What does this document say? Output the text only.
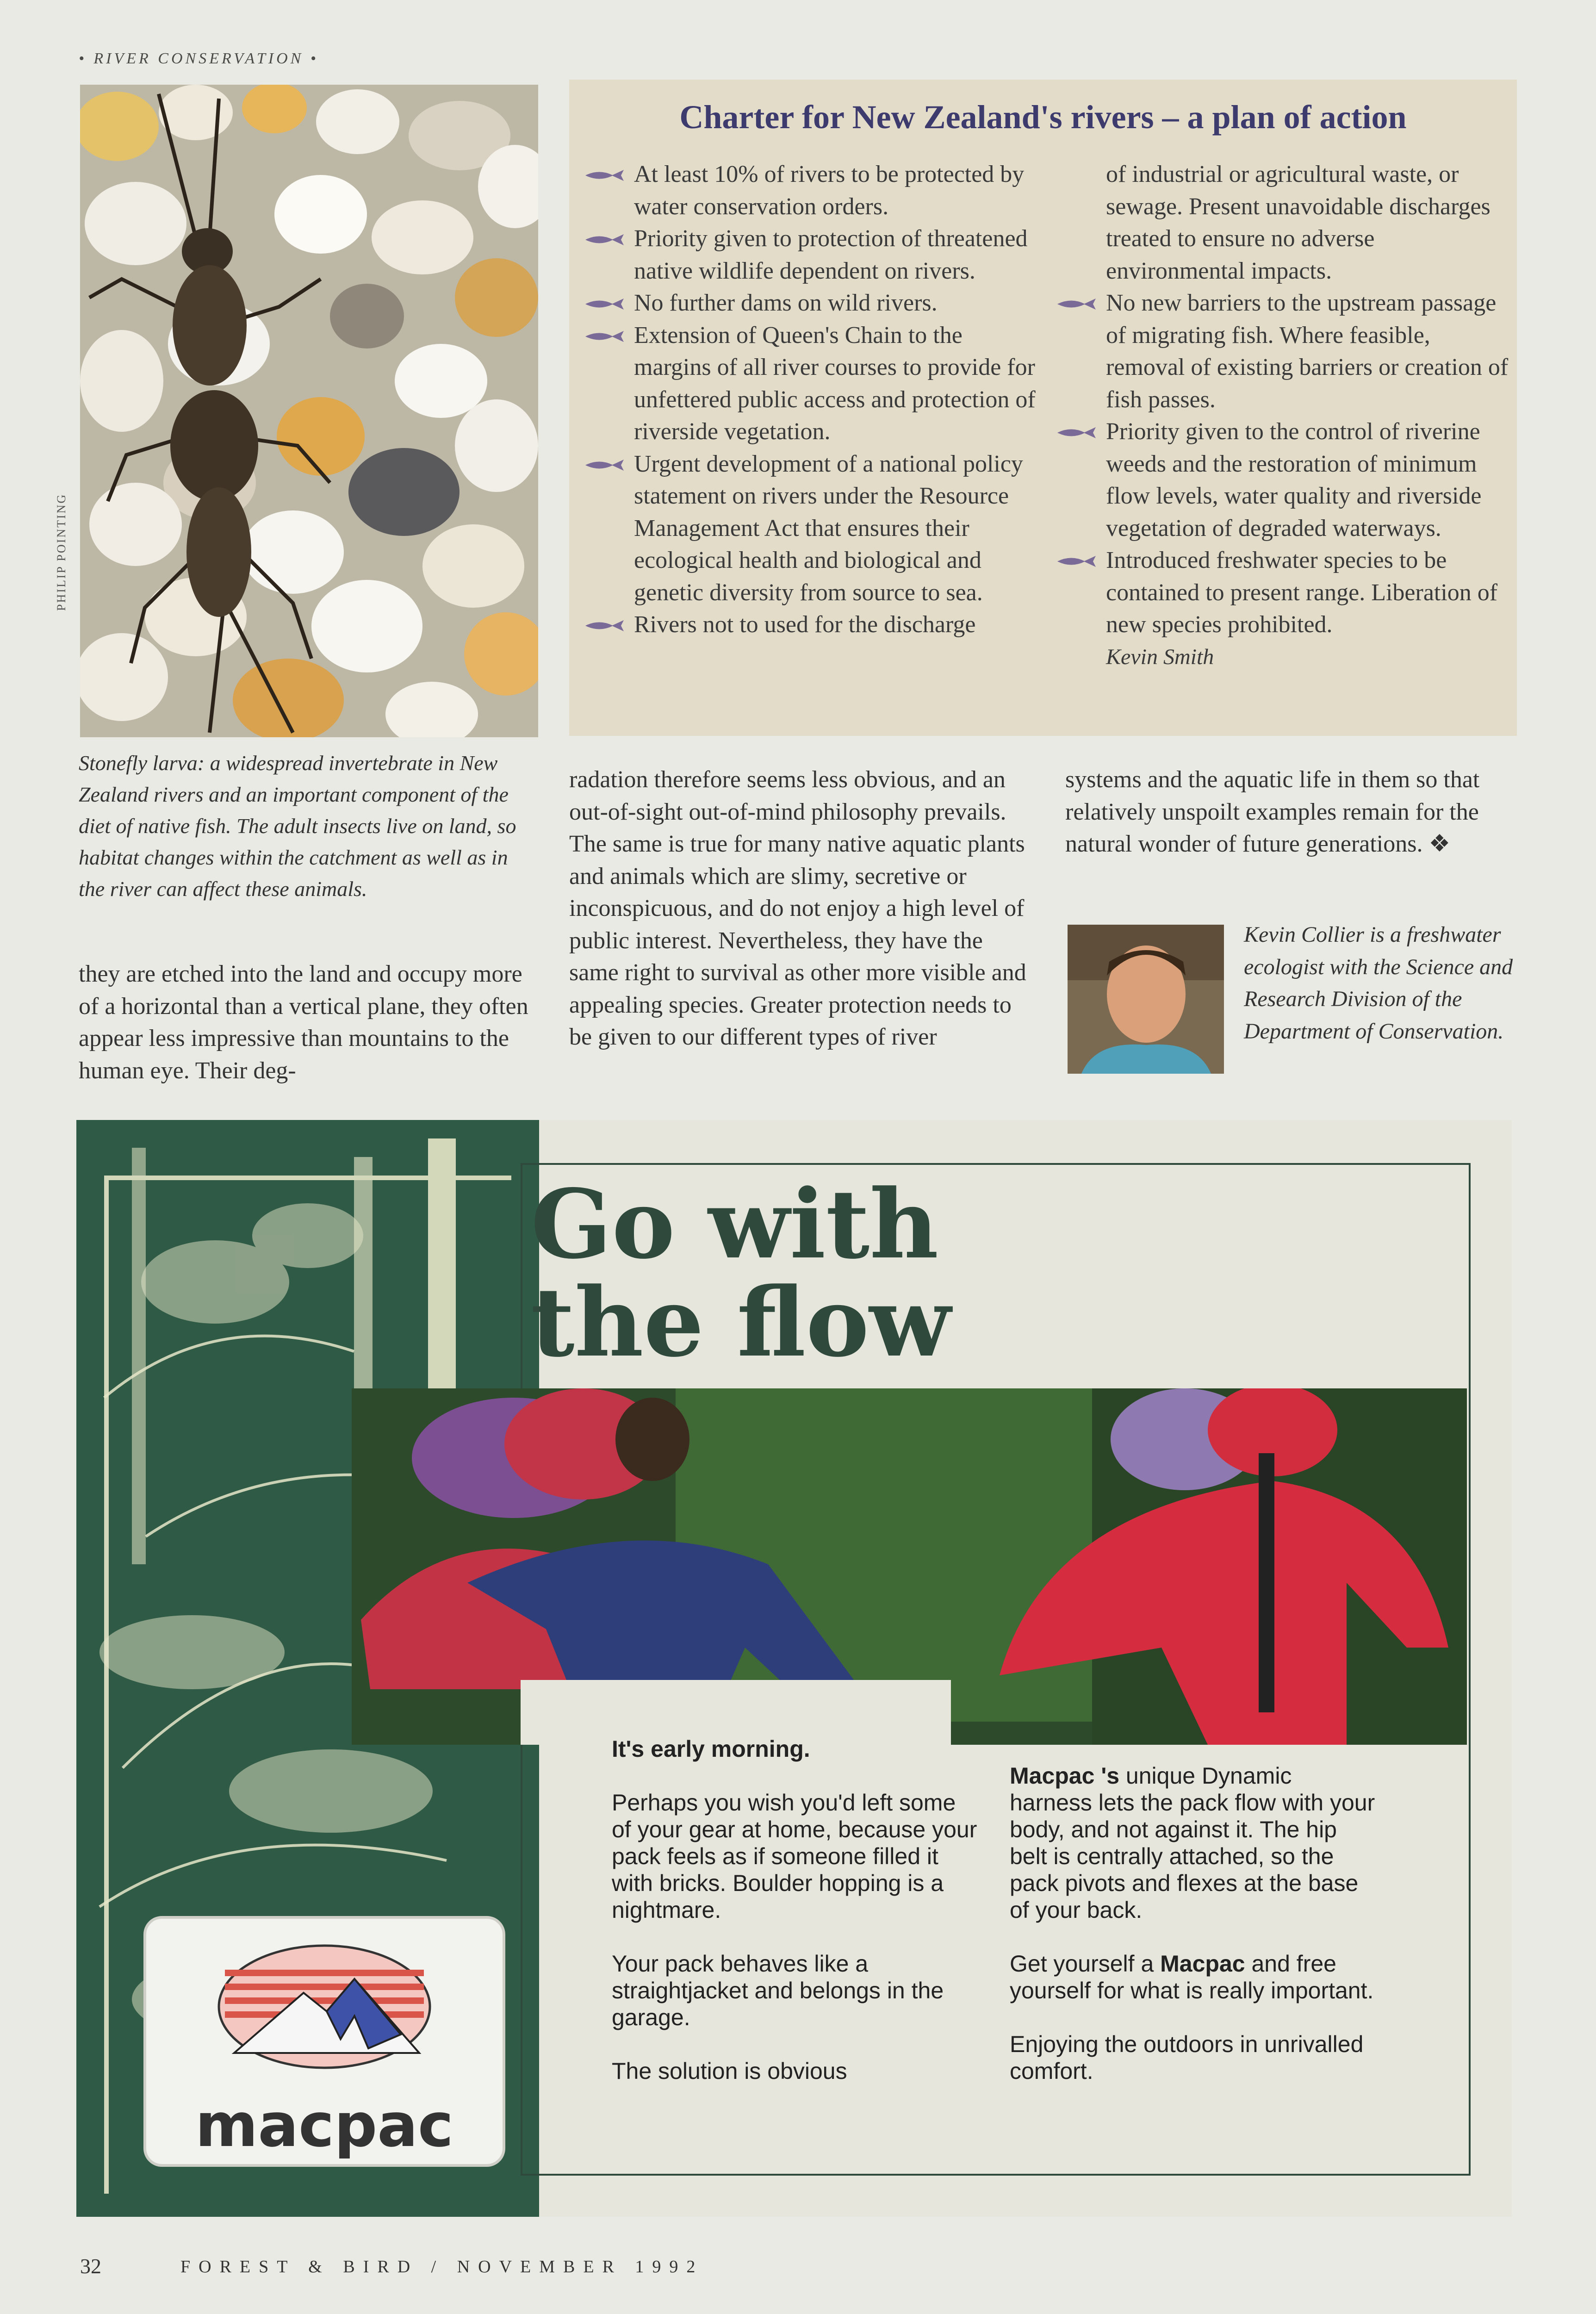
• RIVER CONSERVATION •
PHILIP POINTING
Stonefly larva: a widespread invertebrate in New Zealand rivers and an important component of the diet of native fish. The adult insects live on land, so habitat changes within the catchment as well as in the river can affect these animals.
Charter for New Zealand's rivers – a plan of action
At least 10% of rivers to be protected by water conservation orders.
Priority given to protection of threatened native wildlife dependent on rivers.
No further dams on wild rivers.
Extension of Queen's Chain to the margins of all river courses to provide for unfettered public access and protection of riverside vegetation.
Urgent development of a national policy statement on rivers under the Resource Management Act that ensures their ecological health and biological and genetic diversity from source to sea.
Rivers not to used for the discharge
of industrial or agricultural waste, or sewage. Present unavoidable discharges treated to ensure no adverse environmental impacts.
No new barriers to the upstream passage of migrating fish. Where feasible, removal of existing barriers or creation of fish passes.
Priority given to the control of riverine weeds and the restoration of minimum flow levels, water quality and riverside vegetation of degraded waterways.
Introduced freshwater species to be contained to present range. Liberation of new species prohibited.
Kevin Smith
they are etched into the land and occupy more of a horizontal than a vertical plane, they often appear less impressive than mountains to the human eye. Their deg-
radation therefore seems less obvious, and an out-of-sight out-of-mind philosophy prevails. The same is true for many native aquatic plants and animals which are slimy, secretive or inconspicuous, and do not enjoy a high level of public interest. Nevertheless, they have the same right to survival as other more visible and appealing species. Greater protection needs to be given to our different types of river
systems and the aquatic life in them so that relatively unspoilt examples remain for the natural wonder of future generations. ❖
Kevin Collier is a freshwater ecologist with the Science and Research Division of the Department of Conservation.
macpac
Go with
the flow

It's early morning.

Perhaps you wish you'd left some of your gear at home, because your pack feels as if someone filled it with bricks. Boulder hopping is a nightmare.

Your pack behaves like a straightjacket and belongs in the garage.

The solution is obvious

Macpac 's unique Dynamic harness lets the pack flow with your body, and not against it. The hip belt is centrally attached, so the pack pivots and flexes at the base of your back.

Get yourself a Macpac and free yourself for what is really important.

Enjoying the outdoors in unrivalled comfort.

32	FOREST & BIRD / NOVEMBER 1992
